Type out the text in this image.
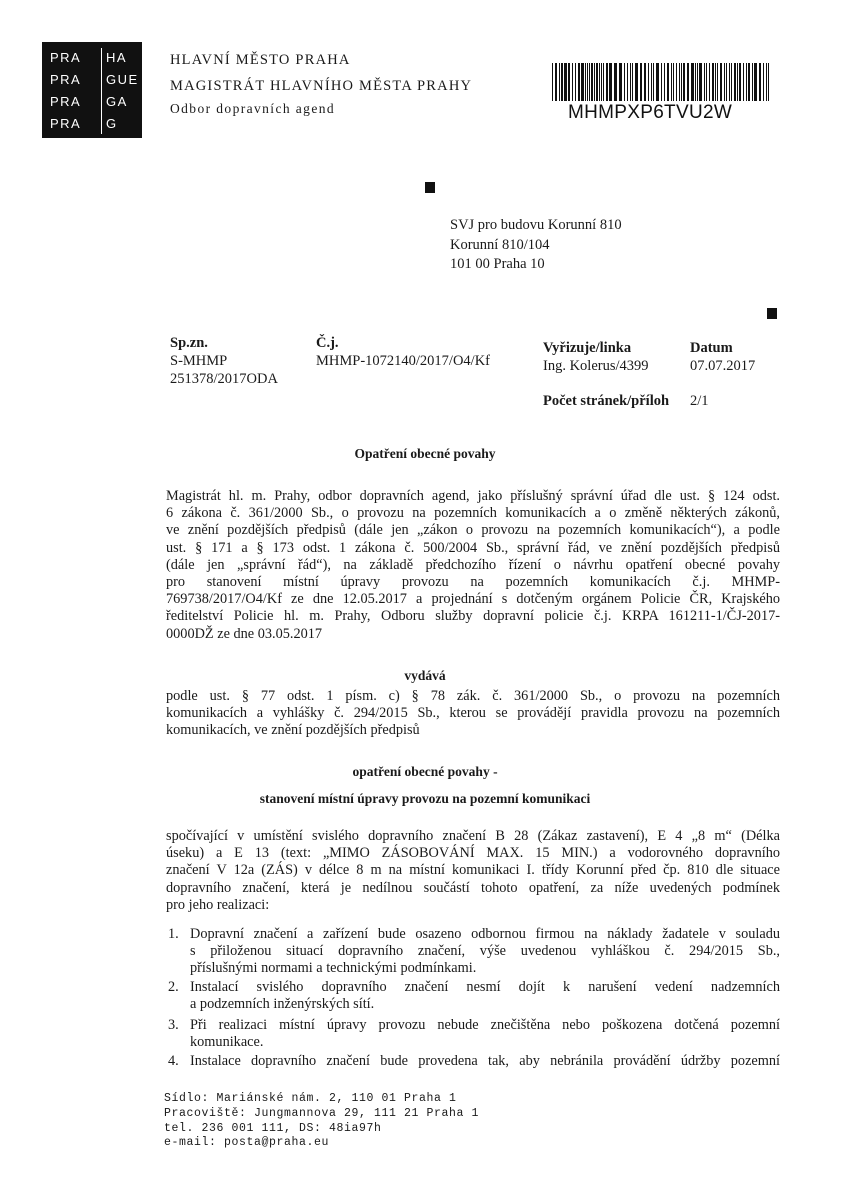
PRA HA
PRA GUE
PRA GA
PRA G
HLAVNÍ MĚSTO PRAHA
MAGISTRÁT HLAVNÍHO MĚSTA PRAHY
Odbor dopravních agend	MHMPXP6TVU2W
SVJ pro budovu Korunní 810
Korunní 810/104
101 00 Praha 10
Sp.zn.
S-MHMP
251378/2017ODA
Č.j.
MHMP-1072140/2017/O4/Kf
Vyřizuje/linka
Ing. Kolerus/4399
Datum
07.07.2017
Počet stránek/příloh 2/1
Opatření obecné povahy
Magistrát hl. m. Prahy, odbor dopravních agend, jako příslušný správní úřad dle ust. § 124 odst.
6 zákona č. 361/2000 Sb., o provozu na pozemních komunikacích a o změně některých zákonů,
ve znění pozdějších předpisů (dále jen „zákon o provozu na pozemních komunikacích“), a podle
ust. § 171 a § 173 odst. 1 zákona č. 500/2004 Sb., správní řád, ve znění pozdějších předpisů
(dále jen „správní řád“), na základě předchozího řízení o návrhu opatření obecné povahy
pro stanovení místní úpravy provozu na pozemních komunikacích č.j. MHMP-
769738/2017/O4/Kf ze dne 12.05.2017 a projednání s dotčeným orgánem Policie ČR, Krajského
ředitelství Policie hl. m. Prahy, Odboru služby dopravní policie č.j. KRPA 161211-1/ČJ-2017-
0000DŽ ze dne 03.05.2017
vydává
podle ust. § 77 odst. 1 písm. c) § 78 zák. č. 361/2000 Sb., o provozu na pozemních
komunikacích a vyhlášky č. 294/2015 Sb., kterou se provádějí pravidla provozu na pozemních
komunikacích, ve znění pozdějších předpisů
opatření obecné povahy -
stanovení místní úpravy provozu na pozemní komunikaci
spočívající v umístění svislého dopravního značení B 28 (Zákaz zastavení), E 4 „8 m“ (Délka
úseku) a E 13 (text: „MIMO ZÁSOBOVÁNÍ MAX. 15 MIN.) a vodorovného dopravního
značení V 12a (ZÁS) v délce 8 m na místní komunikaci I. třídy Korunní před čp. 810 dle situace
dopravního značení, která je nedílnou součástí tohoto opatření, za níže uvedených podmínek
pro jeho realizaci:
1. Dopravní značení a zařízení bude osazeno odbornou firmou na náklady žadatele v souladu
s přiloženou situací dopravního značení, výše uvedenou vyhláškou č. 294/2015 Sb.,
příslušnými normami a technickými podmínkami.
2. Instalací svislého dopravního značení nesmí dojít k narušení vedení nadzemních
a podzemních inženýrských sítí.
3. Při realizaci místní úpravy provozu nebude znečištěna nebo poškozena dotčená pozemní
komunikace.
4. Instalace dopravního značení bude provedena tak, aby nebránila provádění údržby pozemní
Sídlo: Mariánské nám. 2, 110 01 Praha 1
Pracoviště: Jungmannova 29, 111 21 Praha 1
tel. 236 001 111, DS: 48ia97h
e-mail: posta@praha.eu
